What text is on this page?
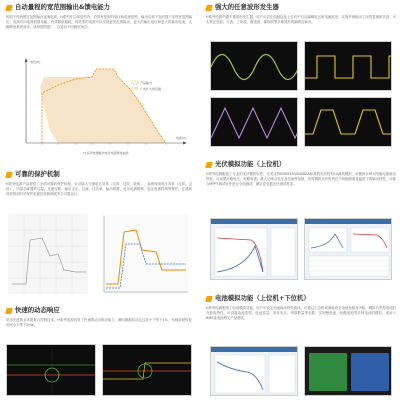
自动量程的宽范围输出&馈电能力
相较于传统固定范围输出直流电源，H系列在功率范围内，自带有更宽的电压和电流范围，输出功率不变前提下实现宽范围输出，电源可向电网回馈电能，有效降低能耗，同类型的电源可以实现更宽范围输出，更大的输出电压和更大的输出电流，大幅降低系统成本，适用范围更广，以适应不同测试场合。
电压(V)
电流(A)
产品输出
广告扩大的范围
H-系列电源输出电压电流特性曲线
可靠的保护机制
H系列电源产品提供了全面可靠的保护机制，针对输入交流电压异常（过高、过低、缺相）、直流母线电压异常（过高、过低）、内部功率器件过温、过流过载、输出过压、过流、过功率、输出短路、电压电流限制、电压电流控制等保护，在遇到异常情况时可保护电源及负载测试安全可靠运行。
快速的动态响应
采用先进的多环路复合控制技术，H系列电源具有了快速的动态响应能力，瞬时跳载时动态过冲小于等于1%，负载阶跃恢复时间小于等于2ms。
强大的任意波形发生器
H系列电源内置多重波形发生器，用户可以在面板以及上位机中自由编辑电压和电流波形，实现多种输出工况的复现和仿真，可实现正弦波、方波、三角波、锯齿波、梯形波等多种波形的编辑及输出。
光伏模拟功能（上位机）
H系列电源配备了专业的光伏模拟软件，完美支持EN50530/SANDIA标准的光伏阵列I-V曲线模拟，可模拟多种太阳能电池输出特性，可设置开路电压、短路电流、最大功率点电压及电流等参数，实时模拟光伏阵列在不同辐照度及温度下的输出特性，可配合MPPT测试软件进行全面测试，满足逆变器光伏测试需求。
电池模拟功能（上位机+下位机）
H系列电源配备了电池模拟功能，用户可设定电池输出特性曲线，可通过上位机或面板设定电池参数及内阻，模拟各类型电池的充放电特性，可设置电池类型、电池容量、单体电压、串联数量等参数，实现锂电池、铅酸电池等多种电池的模拟，适用于BMS及电池相关产品测试。
